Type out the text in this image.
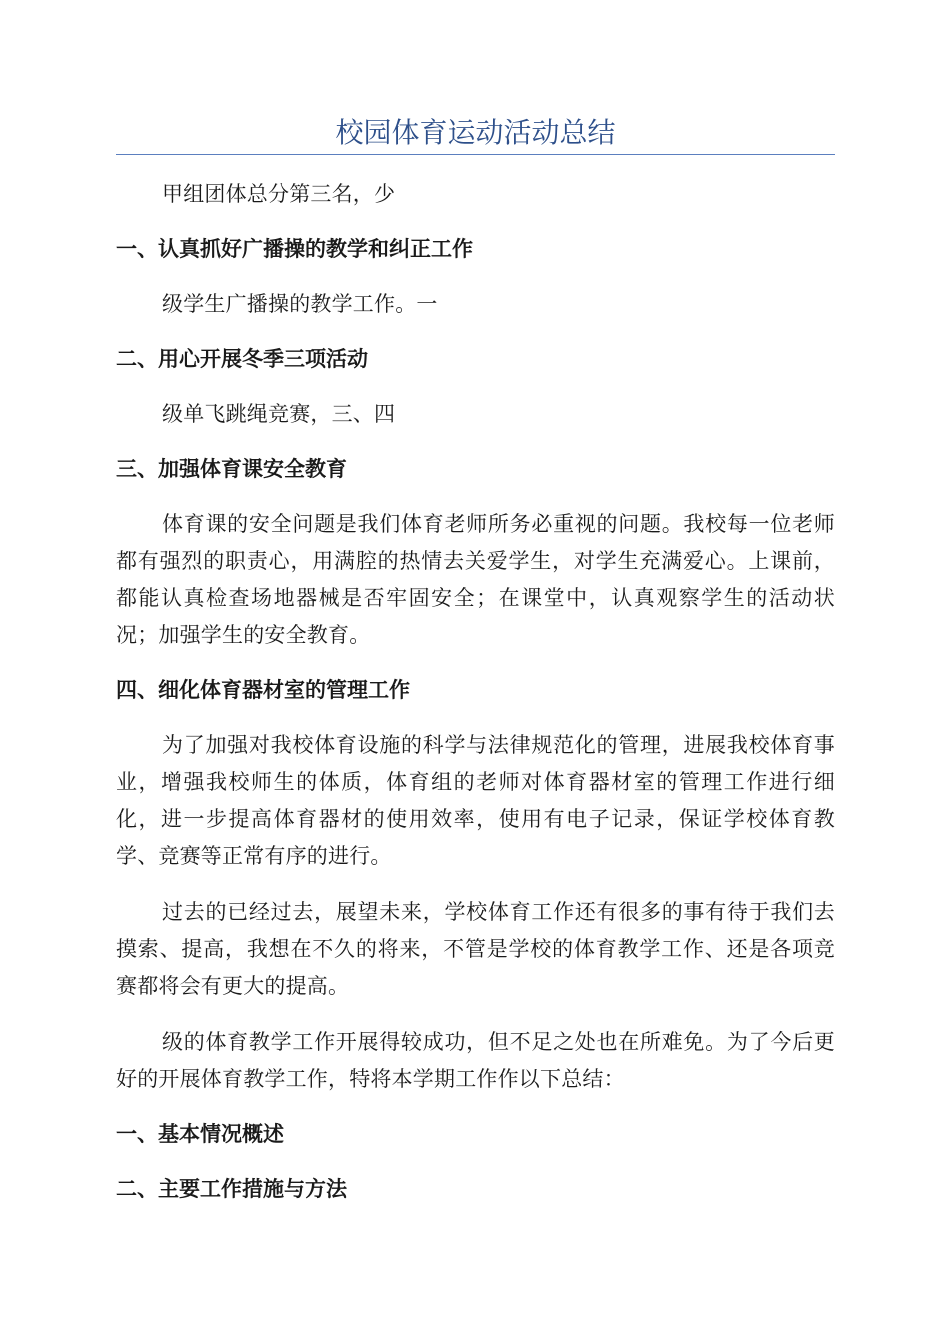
校园体育运动活动总结

甲组团体总分第三名，少

一、认真抓好广播操的教学和纠正工作

级学生广播操的教学工作。一

二、用心开展冬季三项活动

级单飞跳绳竞赛，三、四

三、加强体育课安全教育

体育课的安全问题是我们体育老师所务必重视的问题。我校每一位老师都有强烈的职责心，用满腔的热情去关爱学生，对学生充满爱心。上课前，都能认真检查场地器械是否牢固安全；在课堂中，认真观察学生的活动状况；加强学生的安全教育。

四、细化体育器材室的管理工作

为了加强对我校体育设施的科学与法律规范化的管理，进展我校体育事业，增强我校师生的体质，体育组的老师对体育器材室的管理工作进行细化，进一步提高体育器材的使用效率，使用有电子记录，保证学校体育教学、竞赛等正常有序的进行。

过去的已经过去，展望未来，学校体育工作还有很多的事有待于我们去摸索、提高，我想在不久的将来，不管是学校的体育教学工作、还是各项竞赛都将会有更大的提高。

级的体育教学工作开展得较成功，但不足之处也在所难免。为了今后更好的开展体育教学工作，特将本学期工作作以下总结：

一、基本情况概述

二、主要工作措施与方法
